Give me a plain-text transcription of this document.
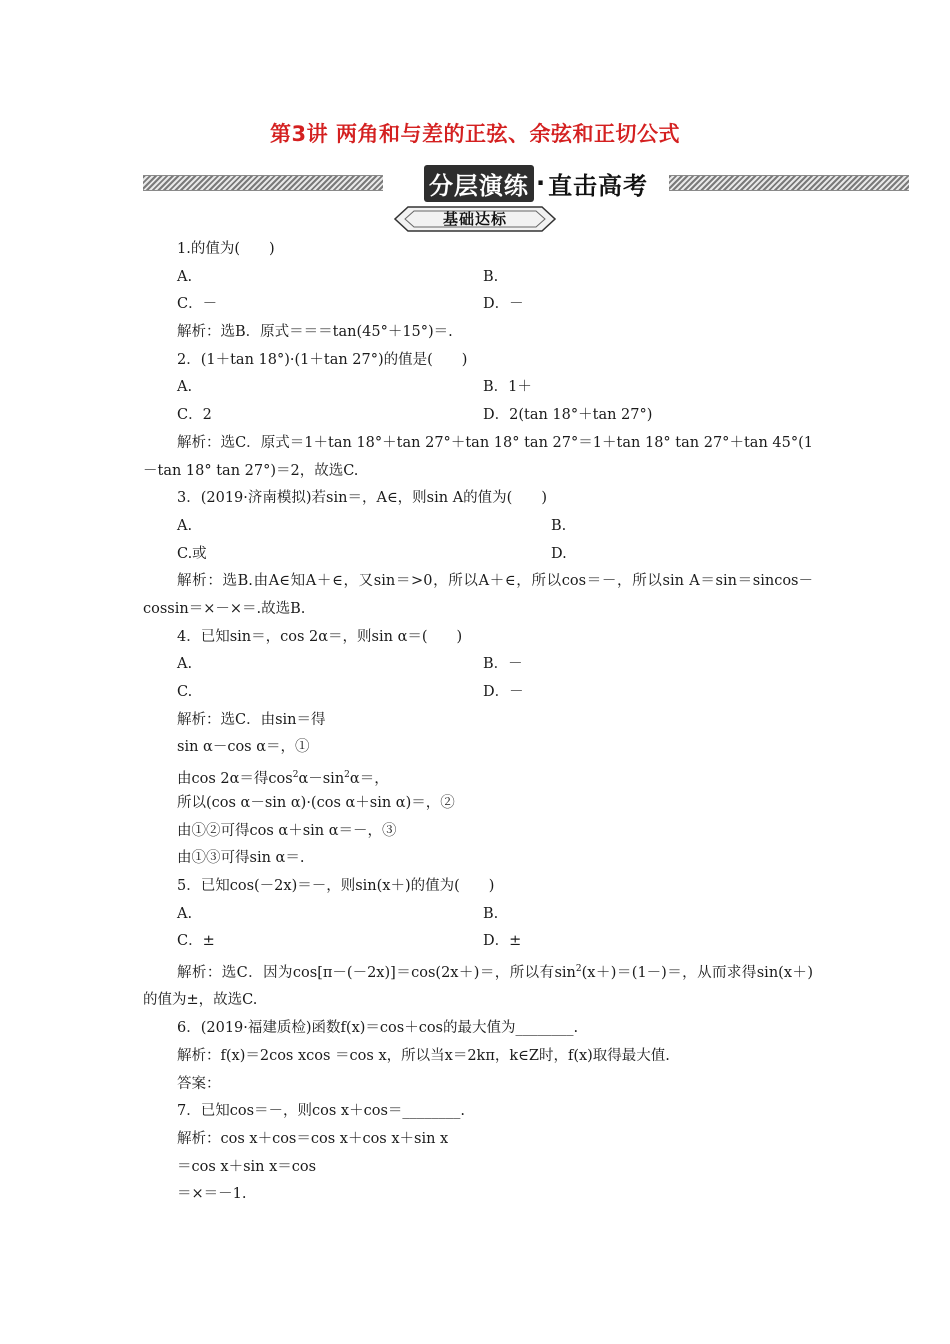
第3讲 两角和与差的正弦、余弦和正切公式
分层演练 · 直击高考
基础达标
1.的值为(　　)
A.	B.
C．－	D．－
解析：选B．原式＝＝＝tan(45°＋15°)＝.
2．(1＋tan 18°)·(1＋tan 27°)的值是(　　)
A.	B．1＋
C．2	D．2(tan 18°＋tan 27°)
解析：选C．原式＝1＋tan 18°＋tan 27°＋tan 18° tan 27°＝1＋tan 18° tan 27°＋tan 45°(1－tan 18° tan 27°)＝2，故选C.
3．(2019·济南模拟)若sin＝，A∈，则sin A的值为(　　)
A.	B.
C.或	D.
解析：选B.由A∈知A＋∈，又sin＝>0，所以A＋∈，所以cos＝－，所以sin A＝sin＝sincos－cossin＝×－×＝.故选B.
4．已知sin＝，cos 2α＝，则sin α＝(　　)
A.	B．－
C.	D．－
解析：选C．由sin＝得
sin α－cos α＝，①
由cos 2α＝得$\cos^2\alpha-\sin^2\alpha=$，
所以(cos α－sin α)·(cos α＋sin α)＝，②
由①②可得cos α＋sin α＝－，③
由①③可得sin α＝.
5．已知cos(－2x)＝－，则sin(x＋)的值为(　　)
A.	B.
C．±	D．±
解析：选C．因为cos[π－(－2x)]＝cos(2x＋)＝，所以有$\sin^2(x+)=(1-)=$，从而求得sin(x＋)的值为±，故选C.
6．(2019·福建质检)函数f(x)＝cos＋cos的最大值为________.
解析：f(x)＝2cos xcos ＝cos x，所以当x＝2kπ，k∈Z时，f(x)取得最大值.
答案：
7．已知cos＝－，则cos x＋cos＝________.
解析：cos x＋cos＝cos x＋cos x＋sin x
＝cos x＋sin x＝cos
＝×＝－1.
